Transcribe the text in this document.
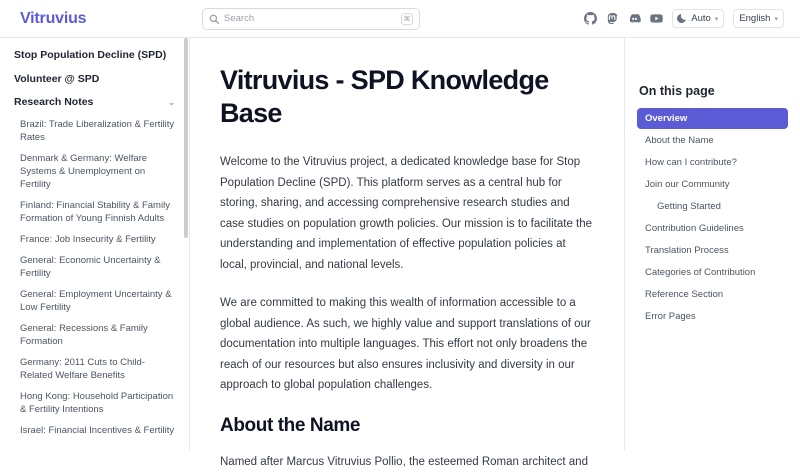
Vitruvius	Search	⌘	Auto ▾ English ▾
Stop Population Decline (SPD)
Volunteer @ SPD
Research Notes	⌄
Brazil: Trade Liberalization & Fertility Rates
Denmark & Germany: Welfare Systems & Unemployment on Fertility
Finland: Financial Stability & Family Formation of Young Finnish Adults
France: Job Insecurity & Fertility
General: Economic Uncertainty & Fertility
General: Employment Uncertainty & Low Fertility
General: Recessions & Family Formation
Germany: 2011 Cuts to Child-Related Welfare Benefits
Hong Kong: Household Participation & Fertility Intentions
Israel: Financial Incentives & Fertility
Vitruvius - SPD Knowledge Base

Welcome to the Vitruvius project, a dedicated knowledge base for Stop Population Decline (SPD). This platform serves as a central hub for storing, sharing, and accessing comprehensive research studies and case studies on population growth policies. Our mission is to facilitate the understanding and implementation of effective population policies at local, provincial, and national levels.

We are committed to making this wealth of information accessible to a global audience. As such, we highly value and support translations of our documentation into multiple languages. This effort not only broadens the reach of our resources but also ensures inclusivity and diversity in our approach to global population challenges.

About the Name

Named after Marcus Vitruvius Pollio, the esteemed Roman architect and

On this page
Overview
About the Name
How can I contribute?
Join our Community
Getting Started
Contribution Guidelines
Translation Process
Categories of Contribution
Reference Section
Error Pages
